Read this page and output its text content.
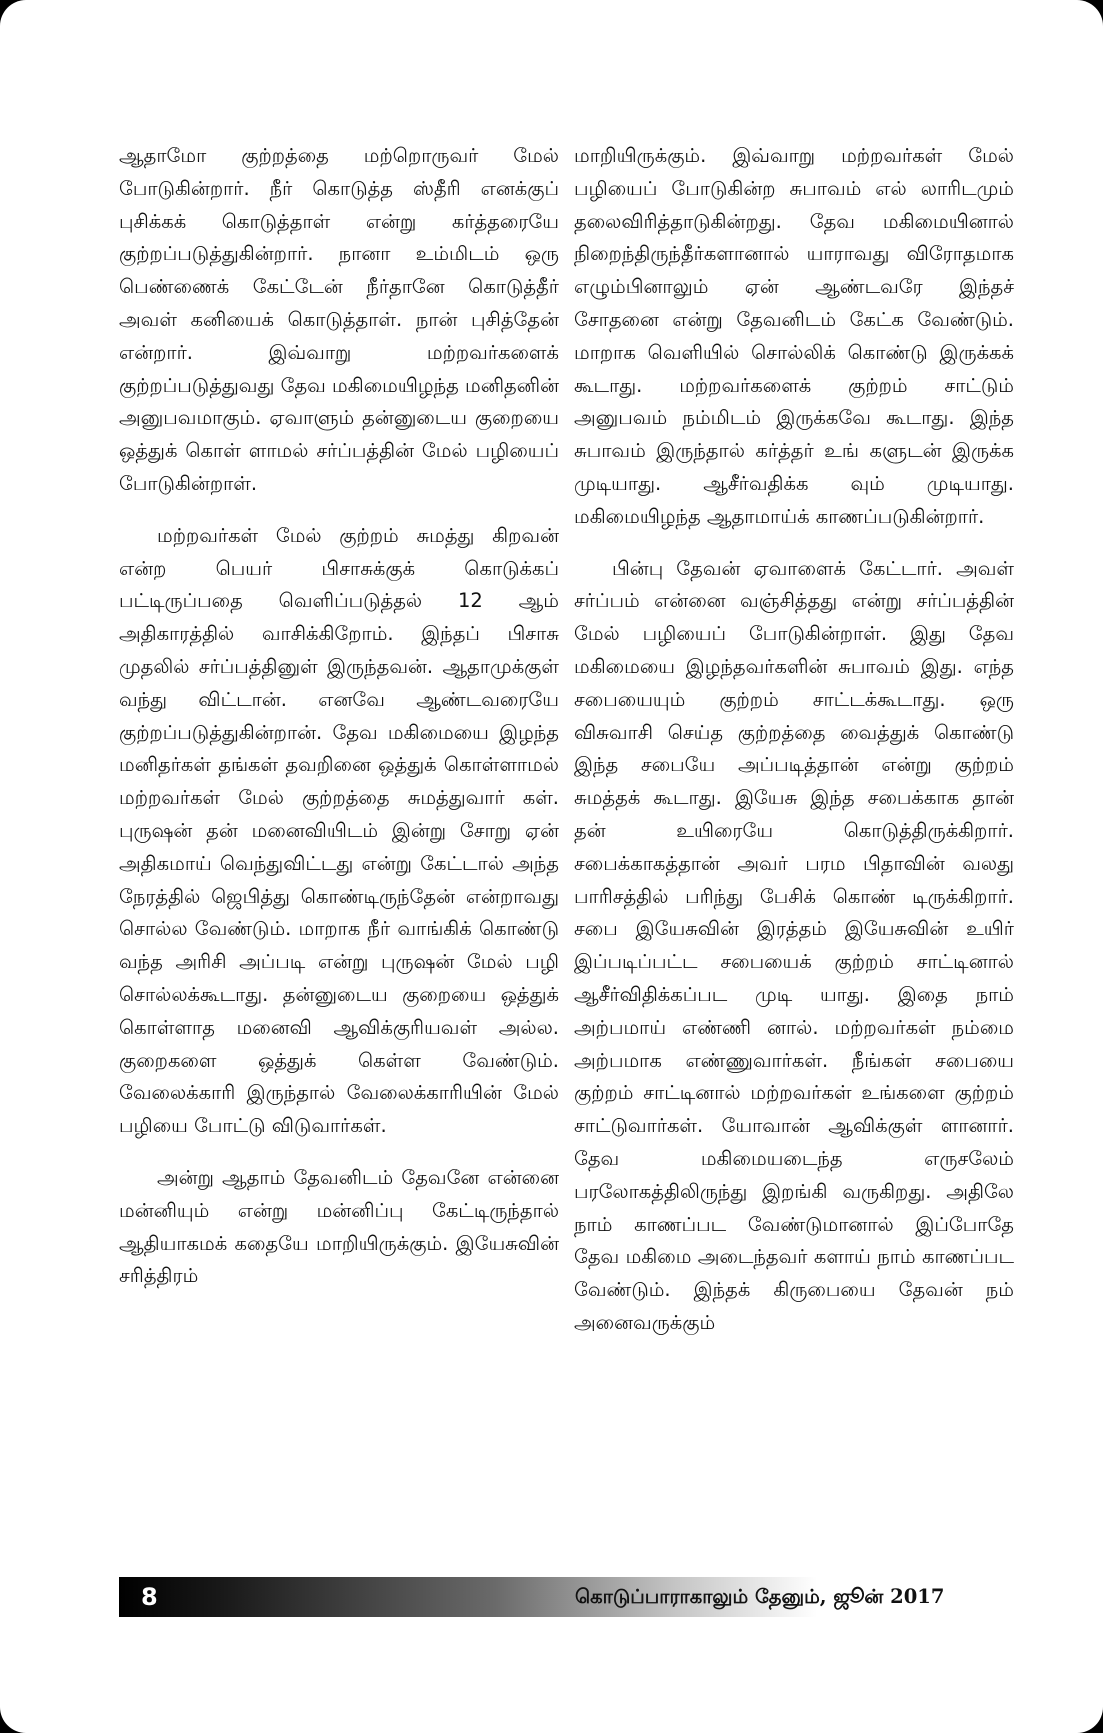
ஆதாமோ குற்றத்தை மற்றொருவர் மேல் போடுகின்றார். நீர் கொடுத்த ஸ்தீரி எனக்குப் புசிக்கக் கொடுத்தாள் என்று கர்த்தரையே குற்றப்படுத்துகின்றார். நானா உம்மிடம் ஒரு பெண்ணைக் கேட்டேன் நீர்தானே கொடுத்தீர் அவள் கனியைக் கொடுத்தாள். நான் புசித்தேன் என்றார். இவ்வாறு மற்றவர்களைக் குற்றப்படுத்துவது தேவ மகிமையிழந்த மனிதனின் அனுபவமாகும். ஏவாளும் தன்னுடைய குறையை ஒத்துக் கொள் ளாமல் சர்ப்பத்தின் மேல் பழியைப் போடுகின்றாள்.

மற்றவர்கள் மேல் குற்றம் சுமத்து கிறவன் என்ற பெயர் பிசாசுக்குக் கொடுக்கப் பட்டிருப்பதை வெளிப்படுத்தல் 12 ஆம் அதிகாரத்தில் வாசிக்கிறோம். இந்தப் பிசாசு முதலில் சர்ப்பத்தினுள் இருந்தவன். ஆதாமுக்குள் வந்து விட்டான். எனவே ஆண்டவரையே குற்றப்படுத்துகின்றான். தேவ மகிமையை இழந்த மனிதர்கள் தங்கள் தவறினை ஒத்துக் கொள்ளாமல் மற்றவர்கள் மேல் குற்றத்தை சுமத்துவார் கள். புருஷன் தன் மனைவியிடம் இன்று சோறு ஏன் அதிகமாய் வெந்துவிட்டது என்று கேட்டால் அந்த நேரத்தில் ஜெபித்து கொண்டிருந்தேன் என்றாவது சொல்ல வேண்டும். மாறாக நீர் வாங்கிக் கொண்டு வந்த அரிசி அப்படி என்று புருஷன் மேல் பழி சொல்லக்கூடாது. தன்னுடைய குறையை ஒத்துக் கொள்ளாத மனைவி ஆவிக்குரியவள் அல்ல. குறைகளை ஒத்துக் கெள்ள வேண்டும். வேலைக்காரி இருந்தால் வேலைக்காரியின் மேல் பழியை போட்டு விடுவார்கள்.

அன்று ஆதாம் தேவனிடம் தேவனே என்னை மன்னியும் என்று மன்னிப்பு கேட்டிருந்தால் ஆதியாகமக் கதையே மாறியிருக்கும். இயேசுவின் சரித்திரம்

மாறியிருக்கும். இவ்வாறு மற்றவர்கள் மேல் பழியைப் போடுகின்ற சுபாவம் எல் லாரிடமும் தலைவிரித்தாடுகின்றது. தேவ மகிமையினால் நிறைந்திருந்தீர்களானால் யாராவது விரோதமாக எழும்பினாலும் ஏன் ஆண்டவரே இந்தச் சோதனை என்று தேவனிடம் கேட்க வேண்டும். மாறாக வெளியில் சொல்லிக் கொண்டு இருக்கக் கூடாது. மற்றவர்களைக் குற்றம் சாட்டும் அனுபவம் நம்மிடம் இருக்கவே கூடாது. இந்த சுபாவம் இருந்தால் கர்த்தர் உங் களுடன் இருக்க முடியாது. ஆசீர்வதிக்க வும் முடியாது. மகிமையிழந்த ஆதாமாய்க் காணப்படுகின்றார்.

பின்பு தேவன் ஏவாளைக் கேட்டார். அவள் சர்ப்பம் என்னை வஞ்சித்தது என்று சர்ப்பத்தின் மேல் பழியைப் போடுகின்றாள். இது தேவ மகிமையை இழந்தவர்களின் சுபாவம் இது. எந்த சபையையும் குற்றம் சாட்டக்கூடாது. ஒரு விசுவாசி செய்த குற்றத்தை வைத்துக் கொண்டு இந்த சபையே அப்படித்தான் என்று குற்றம் சுமத்தக் கூடாது. இயேசு இந்த சபைக்காக தான் தன் உயிரையே கொடுத்திருக்கிறார். சபைக்காகத்தான் அவர் பரம பிதாவின் வலது பாரிசத்தில் பரிந்து பேசிக் கொண் டிருக்கிறார். சபை இயேசுவின் இரத்தம் இயேசுவின் உயிர் இப்படிப்பட்ட சபையைக் குற்றம் சாட்டினால் ஆசீர்விதிக்கப்பட முடி யாது. இதை நாம் அற்பமாய் எண்ணி னால். மற்றவர்கள் நம்மை அற்பமாக எண்ணுவார்கள். நீங்கள் சபையை குற்றம் சாட்டினால் மற்றவர்கள் உங்களை குற்றம் சாட்டுவார்கள். யோவான் ஆவிக்குள் ளானார். தேவ மகிமையடைந்த எருசலேம் பரலோகத்திலிருந்து இறங்கி வருகிறது. அதிலே நாம் காணப்பட வேண்டுமானால் இப்போதே தேவ மகிமை அடைந்தவர் களாய் நாம் காணப்பட வேண்டும். இந்தக் கிருபையை தேவன் நம் அனைவருக்கும்

8	கொடுப்பாராகாலும் தேனும், ஜூன் 2017
